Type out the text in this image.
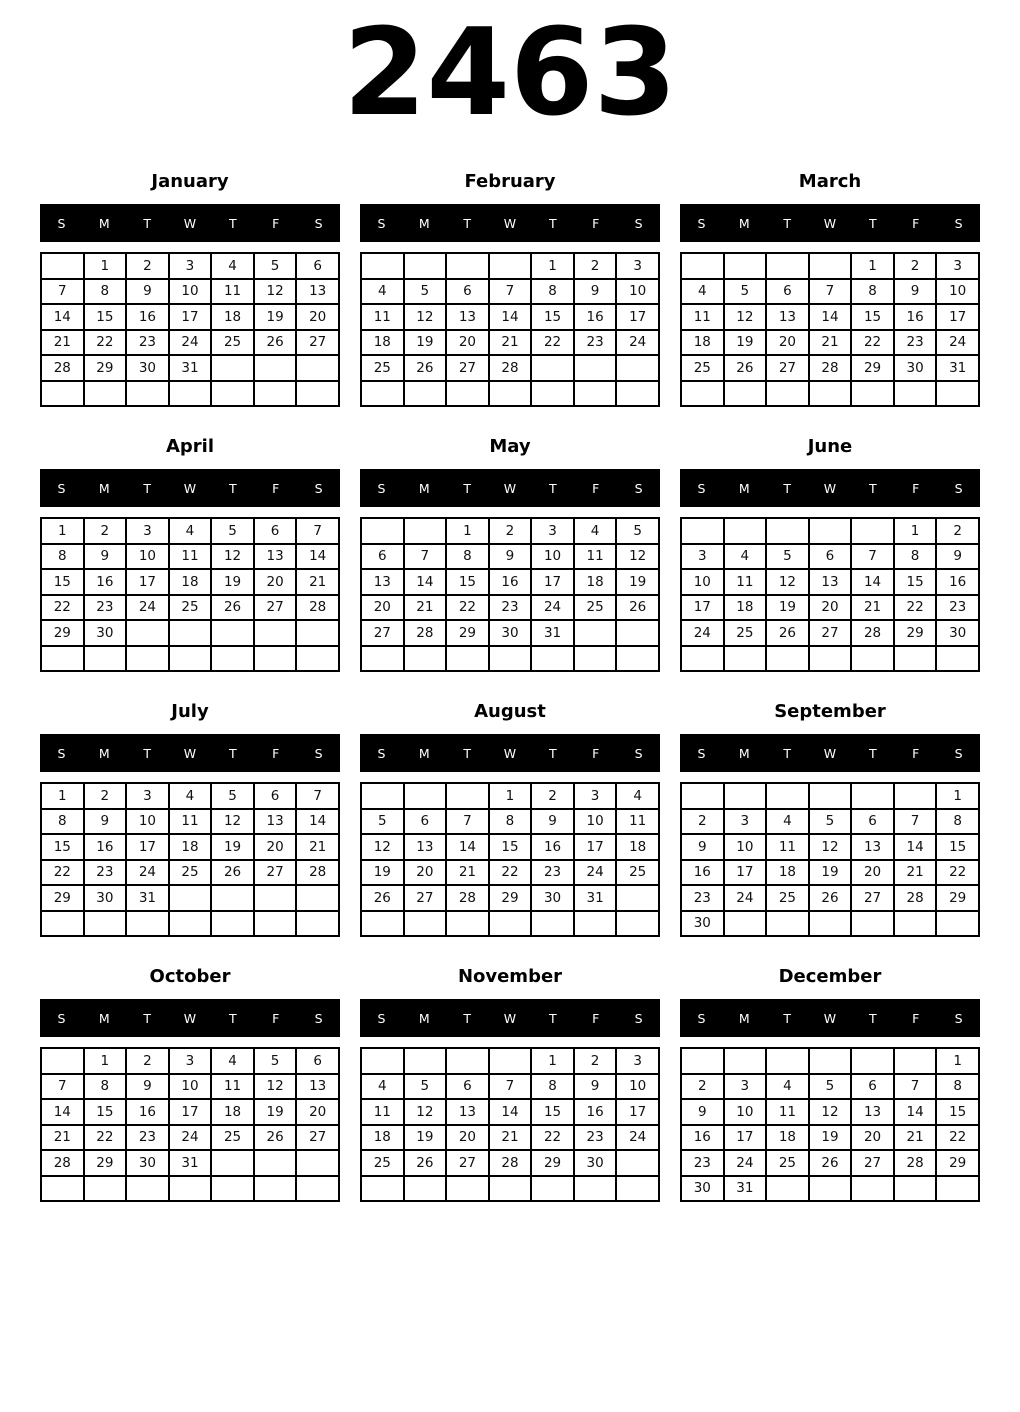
2463
January
S	M	T	W	T	F	S
	1	2	3	4	5	6
7	8	9	10	11	12	13
14	15	16	17	18	19	20
21	22	23	24	25	26	27
28	29	30	31			

February
S	M	T	W	T	F	S
				1	2	3
4	5	6	7	8	9	10
11	12	13	14	15	16	17
18	19	20	21	22	23	24
25	26	27	28			

March
S	M	T	W	T	F	S
				1	2	3
4	5	6	7	8	9	10
11	12	13	14	15	16	17
18	19	20	21	22	23	24
25	26	27	28	29	30	31

April
S	M	T	W	T	F	S
1	2	3	4	5	6	7
8	9	10	11	12	13	14
15	16	17	18	19	20	21
22	23	24	25	26	27	28
29	30					

May
S	M	T	W	T	F	S
		1	2	3	4	5
6	7	8	9	10	11	12
13	14	15	16	17	18	19
20	21	22	23	24	25	26
27	28	29	30	31		

June
S	M	T	W	T	F	S
					1	2
3	4	5	6	7	8	9
10	11	12	13	14	15	16
17	18	19	20	21	22	23
24	25	26	27	28	29	30

July
S	M	T	W	T	F	S
1	2	3	4	5	6	7
8	9	10	11	12	13	14
15	16	17	18	19	20	21
22	23	24	25	26	27	28
29	30	31				

August
S	M	T	W	T	F	S
			1	2	3	4
5	6	7	8	9	10	11
12	13	14	15	16	17	18
19	20	21	22	23	24	25
26	27	28	29	30	31	

September
S	M	T	W	T	F	S
						1
2	3	4	5	6	7	8
9	10	11	12	13	14	15
16	17	18	19	20	21	22
23	24	25	26	27	28	29
30						
October
S	M	T	W	T	F	S
	1	2	3	4	5	6
7	8	9	10	11	12	13
14	15	16	17	18	19	20
21	22	23	24	25	26	27
28	29	30	31			

November
S	M	T	W	T	F	S
				1	2	3
4	5	6	7	8	9	10
11	12	13	14	15	16	17
18	19	20	21	22	23	24
25	26	27	28	29	30	

December
S	M	T	W	T	F	S
						1
2	3	4	5	6	7	8
9	10	11	12	13	14	15
16	17	18	19	20	21	22
23	24	25	26	27	28	29
30	31					
